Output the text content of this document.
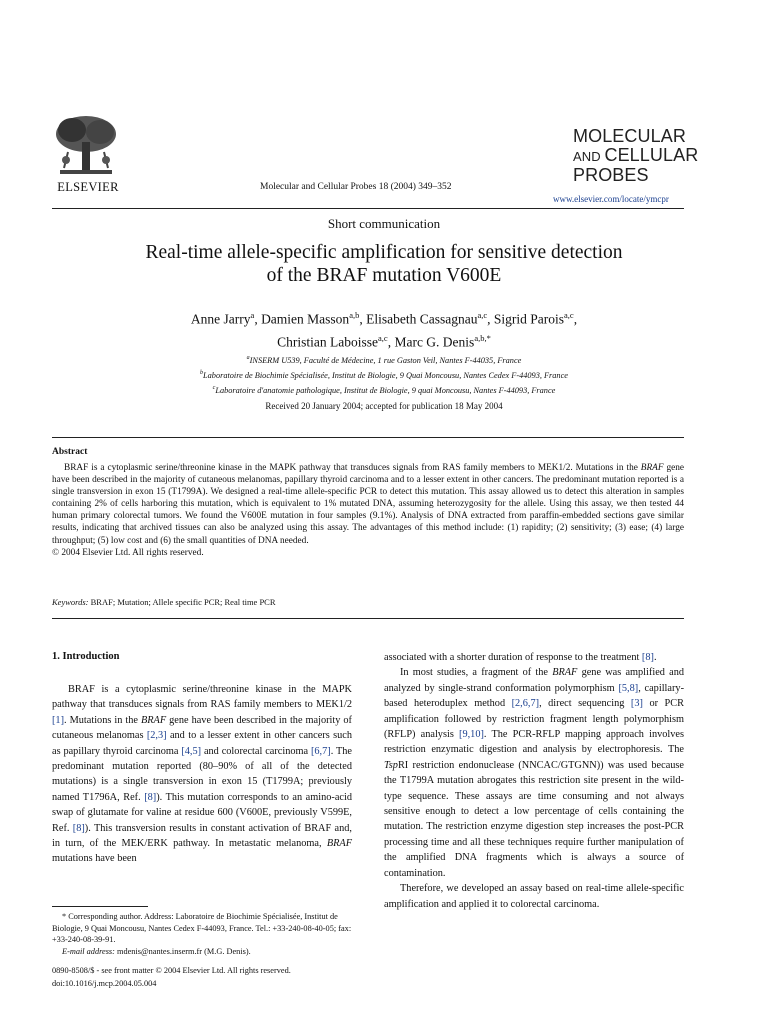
ELSEVIER	Molecular and Cellular Probes 18 (2004) 349–352
MOLECULAR
AND CELLULAR
PROBES
www.elsevier.com/locate/ymcpr
Short communication
Real-time allele-specific amplification for sensitive detection
of the BRAF mutation V600E
Anne Jarry$^a$, Damien Masson$^{a,b}$, Elisabeth Cassagnau$^{a,c}$, Sigrid Parois$^{a,c}$,
Christian Laboisse$^{a,c}$, Marc G. Denis$^{a,b,*}$
$^a$INSERM U539, Faculté de Médecine, 1 rue Gaston Veil, Nantes F-44035, France
$^b$Laboratoire de Biochimie Spécialisée, Institut de Biologie, 9 Quai Moncousu, Nantes Cedex F-44093, France
$^c$Laboratoire d'anatomie pathologique, Institut de Biologie, 9 quai Moncousu, Nantes F-44093, France
Received 20 January 2004; accepted for publication 18 May 2004
Abstract

BRAF is a cytoplasmic serine/threonine kinase in the MAPK pathway that transduces signals from RAS family members to MEK1/2. Mutations in the BRAF gene have been described in the majority of cutaneous melanomas, papillary thyroid carcinoma and to a lesser extent in other cancers. The predominant mutation reported is a single transversion in exon 15 (T1799A). We designed a real-time allele-specific PCR to detect this mutation. This assay allowed us to detect this alteration in samples containing 2% of cells harboring this mutation, which is equivalent to 1% mutated DNA, assuming heterozygosity for the allele. Using this assay, we then tested 44 human primary colorectal tumors. We found the V600E mutation in four samples (9.1%). Analysis of DNA extracted from paraffin-embedded sections gave similar results, indicating that archived tissues can also be analyzed using this assay. The advantages of this method include: (1) rapidity; (2) sensitivity; (3) ease; (4) large throughput; (5) low cost and (6) the small quantities of DNA needed.

© 2004 Elsevier Ltd. All rights reserved.
Keywords: BRAF; Mutation; Allele specific PCR; Real time PCR
1. Introduction

BRAF is a cytoplasmic serine/threonine kinase in the MAPK pathway that transduces signals from RAS family members to MEK1/2 [1]. Mutations in the BRAF gene have been described in the majority of cutaneous melanomas [2,3] and to a lesser extent in other cancers such as papillary thyroid carcinoma [4,5] and colorectal carcinoma [6,7]. The predominant mutation reported (80–90% of all of the detected mutations) is a single transversion in exon 15 (T1799A; previously named T1796A, Ref. [8]). This mutation corresponds to an amino-acid swap of glutamate for valine at residue 600 (V600E, previously V599E, Ref. [8]). This transversion results in constant activation of BRAF and, in turn, of the MEK/ERK pathway. In metastatic melanoma, BRAF mutations have been

* Corresponding author. Address: Laboratoire de Biochimie Spécialisée, Institut de Biologie, 9 Quai Moncousu, Nantes Cedex F-44093, France. Tel.: +33-240-08-40-05; fax: +33-240-08-39-91.

E-mail address: mdenis@nantes.inserm.fr (M.G. Denis).

0890-8508/$ - see front matter © 2004 Elsevier Ltd. All rights reserved.
doi:10.1016/j.mcp.2004.05.004

associated with a shorter duration of response to the treatment [8].

In most studies, a fragment of the BRAF gene was amplified and analyzed by single-strand conformation polymorphism [5,8], capillary-based heteroduplex method [2,6,7], direct sequencing [3] or PCR amplification followed by restriction fragment length polymorphism (RFLP) analysis [9,10]. The PCR-RFLP mapping approach involves restriction enzymatic digestion and analysis by electrophoresis. The TspRI restriction endonuclease (NNCAC/GTGNN)) was used because the T1799A mutation abrogates this restriction site present in the wild-type sequence. These assays are time consuming and not always sensitive enough to detect a low percentage of cells containing the mutation. The restriction enzyme digestion step increases the post-PCR processing time and all these techniques require further manipulation of the amplified DNA fragments which is always a source of contamination.

Therefore, we developed an assay based on real-time allele-specific amplification and applied it to colorectal carcinoma.
